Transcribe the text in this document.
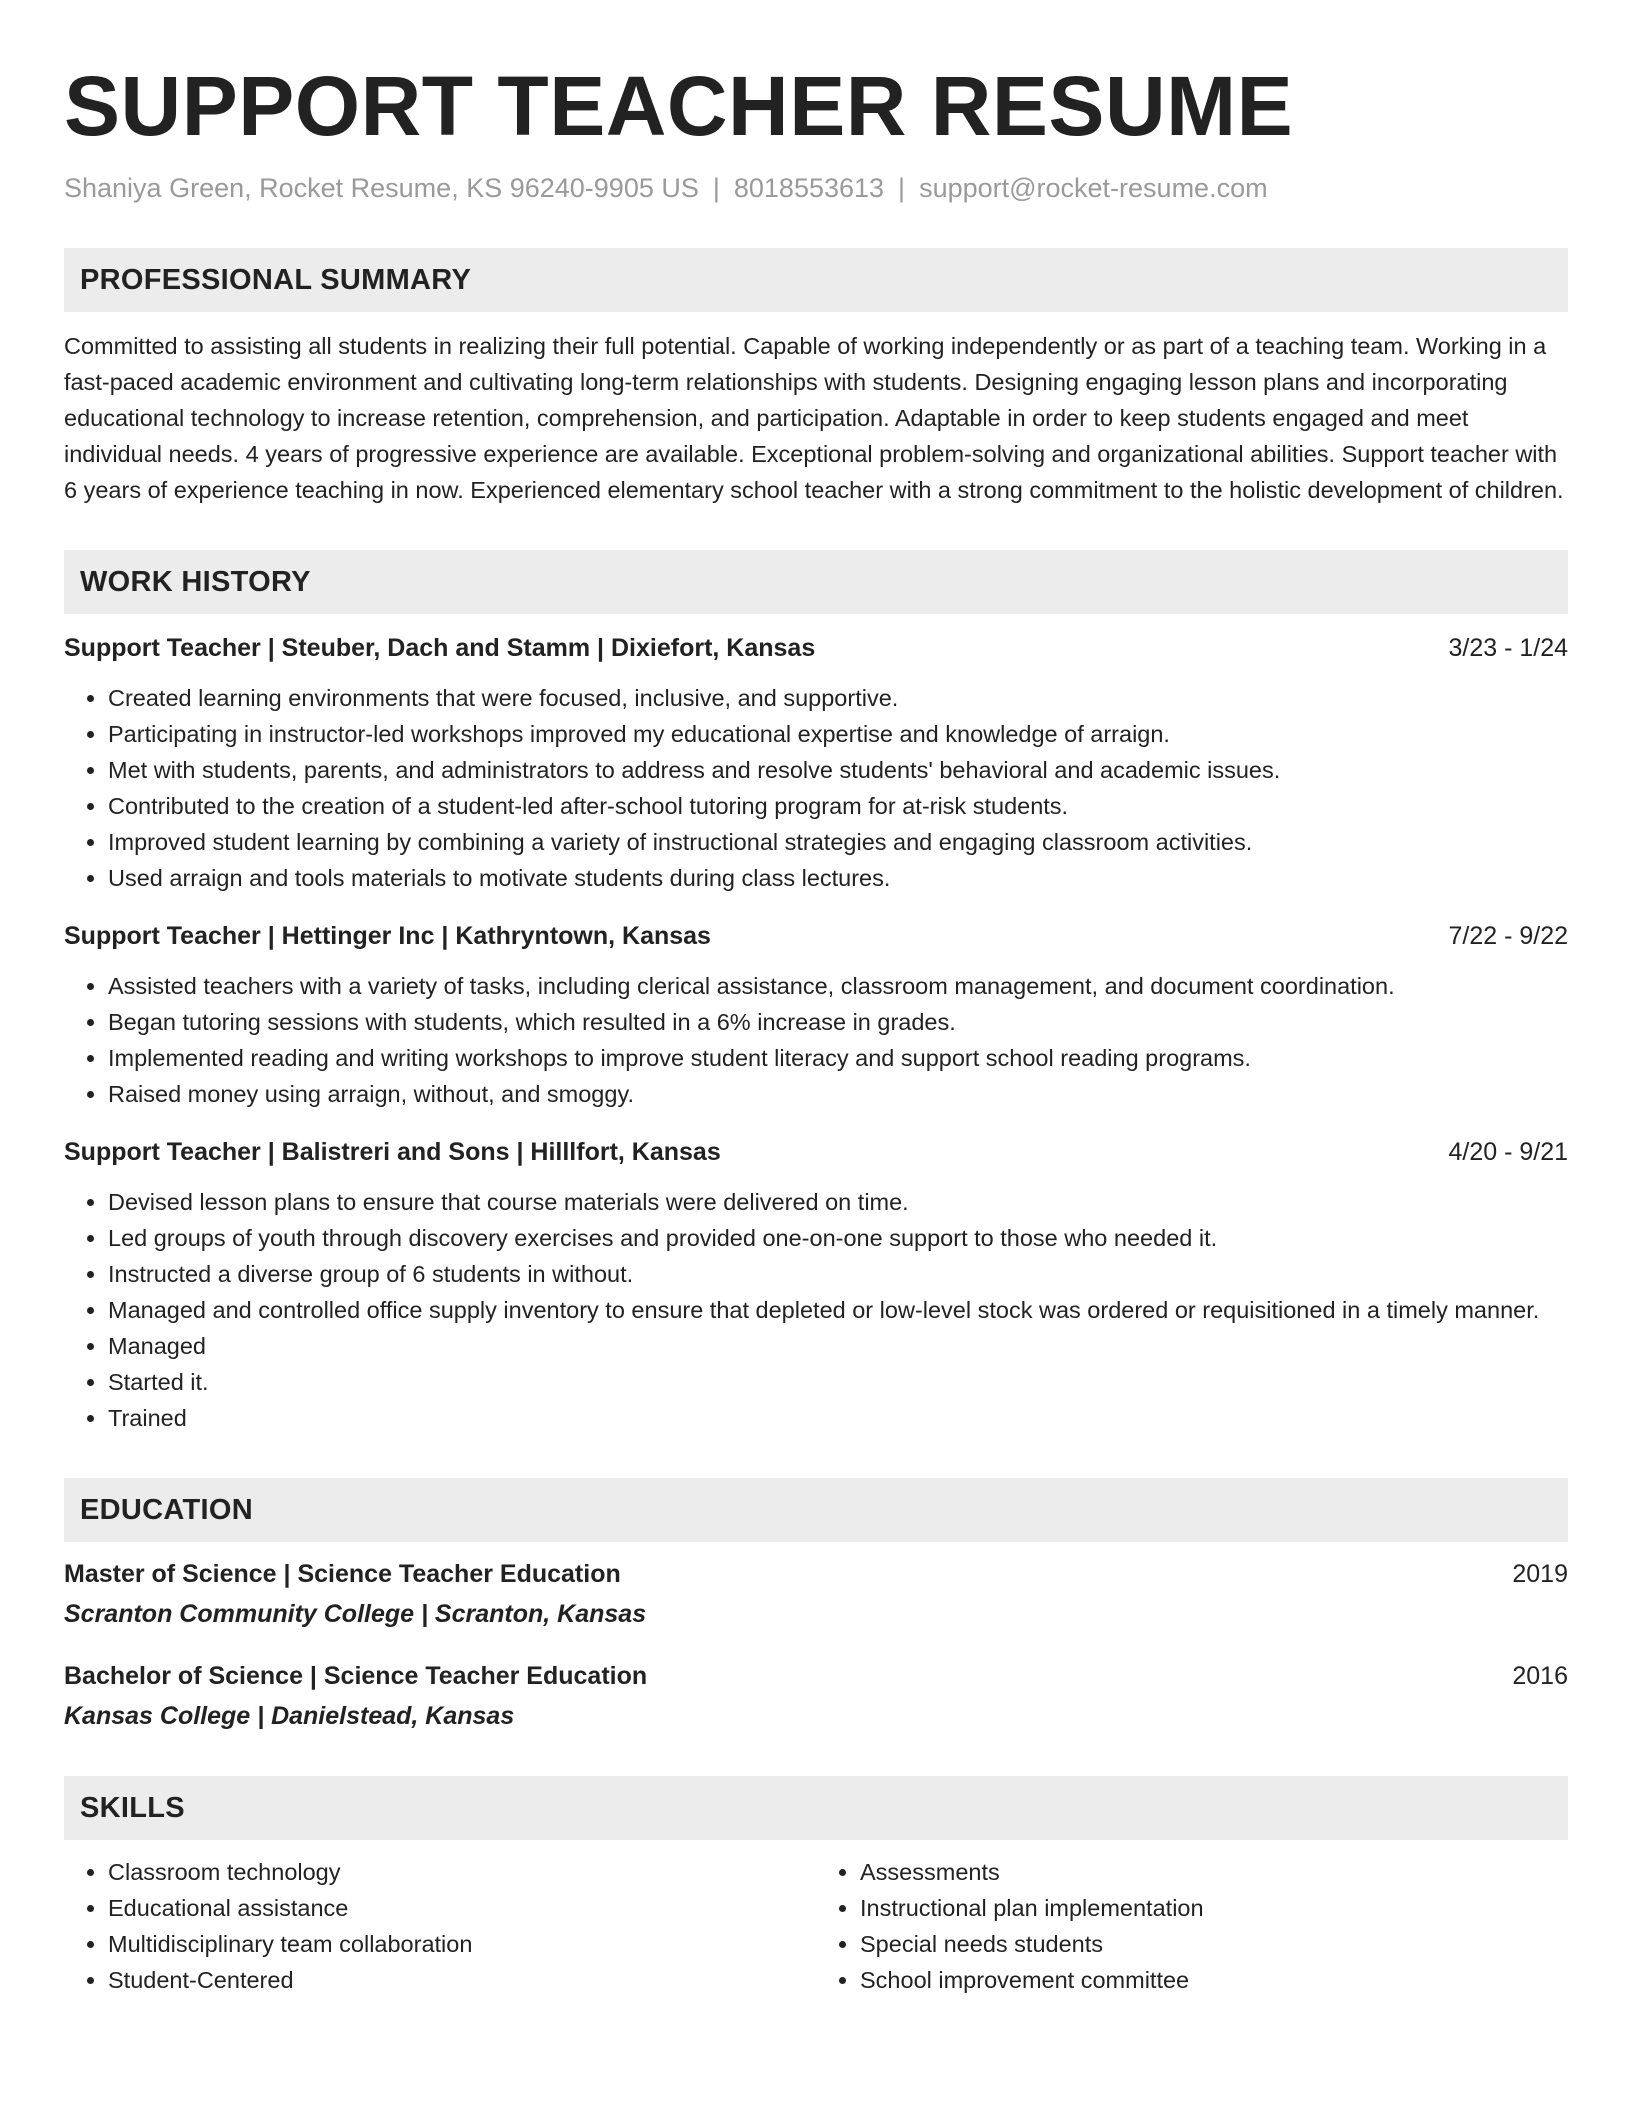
SUPPORT TEACHER RESUME
Shaniya Green, Rocket Resume, KS 96240-9905 US | 8018553613 | support@rocket-resume.com
PROFESSIONAL SUMMARY
Committed to assisting all students in realizing their full potential. Capable of working independently or as part of a teaching team. Working in a fast-paced academic environment and cultivating long-term relationships with students. Designing engaging lesson plans and incorporating educational technology to increase retention, comprehension, and participation. Adaptable in order to keep students engaged and meet individual needs. 4 years of progressive experience are available. Exceptional problem-solving and organizational abilities. Support teacher with 6 years of experience teaching in now. Experienced elementary school teacher with a strong commitment to the holistic development of children.
WORK HISTORY
Support Teacher | Steuber, Dach and Stamm | Dixiefort, Kansas	3/23 - 1/24
• Created learning environments that were focused, inclusive, and supportive.
• Participating in instructor-led workshops improved my educational expertise and knowledge of arraign.
• Met with students, parents, and administrators to address and resolve students' behavioral and academic issues.
• Contributed to the creation of a student-led after-school tutoring program for at-risk students.
• Improved student learning by combining a variety of instructional strategies and engaging classroom activities.
• Used arraign and tools materials to motivate students during class lectures.
Support Teacher | Hettinger Inc | Kathryntown, Kansas	7/22 - 9/22
• Assisted teachers with a variety of tasks, including clerical assistance, classroom management, and document coordination.
• Began tutoring sessions with students, which resulted in a 6% increase in grades.
• Implemented reading and writing workshops to improve student literacy and support school reading programs.
• Raised money using arraign, without, and smoggy.
Support Teacher | Balistreri and Sons | Hilllfort, Kansas	4/20 - 9/21
• Devised lesson plans to ensure that course materials were delivered on time.
• Led groups of youth through discovery exercises and provided one-on-one support to those who needed it.
• Instructed a diverse group of 6 students in without.
• Managed and controlled office supply inventory to ensure that depleted or low-level stock was ordered or requisitioned in a timely manner.
• Managed
• Started it.
• Trained
EDUCATION
Master of Science | Science Teacher Education	2019
Scranton Community College | Scranton, Kansas
Bachelor of Science | Science Teacher Education	2016
Kansas College | Danielstead, Kansas
SKILLS
• Classroom technology
• Educational assistance
• Multidisciplinary team collaboration
• Student-Centered
• Assessments
• Instructional plan implementation
• Special needs students
• School improvement committee
